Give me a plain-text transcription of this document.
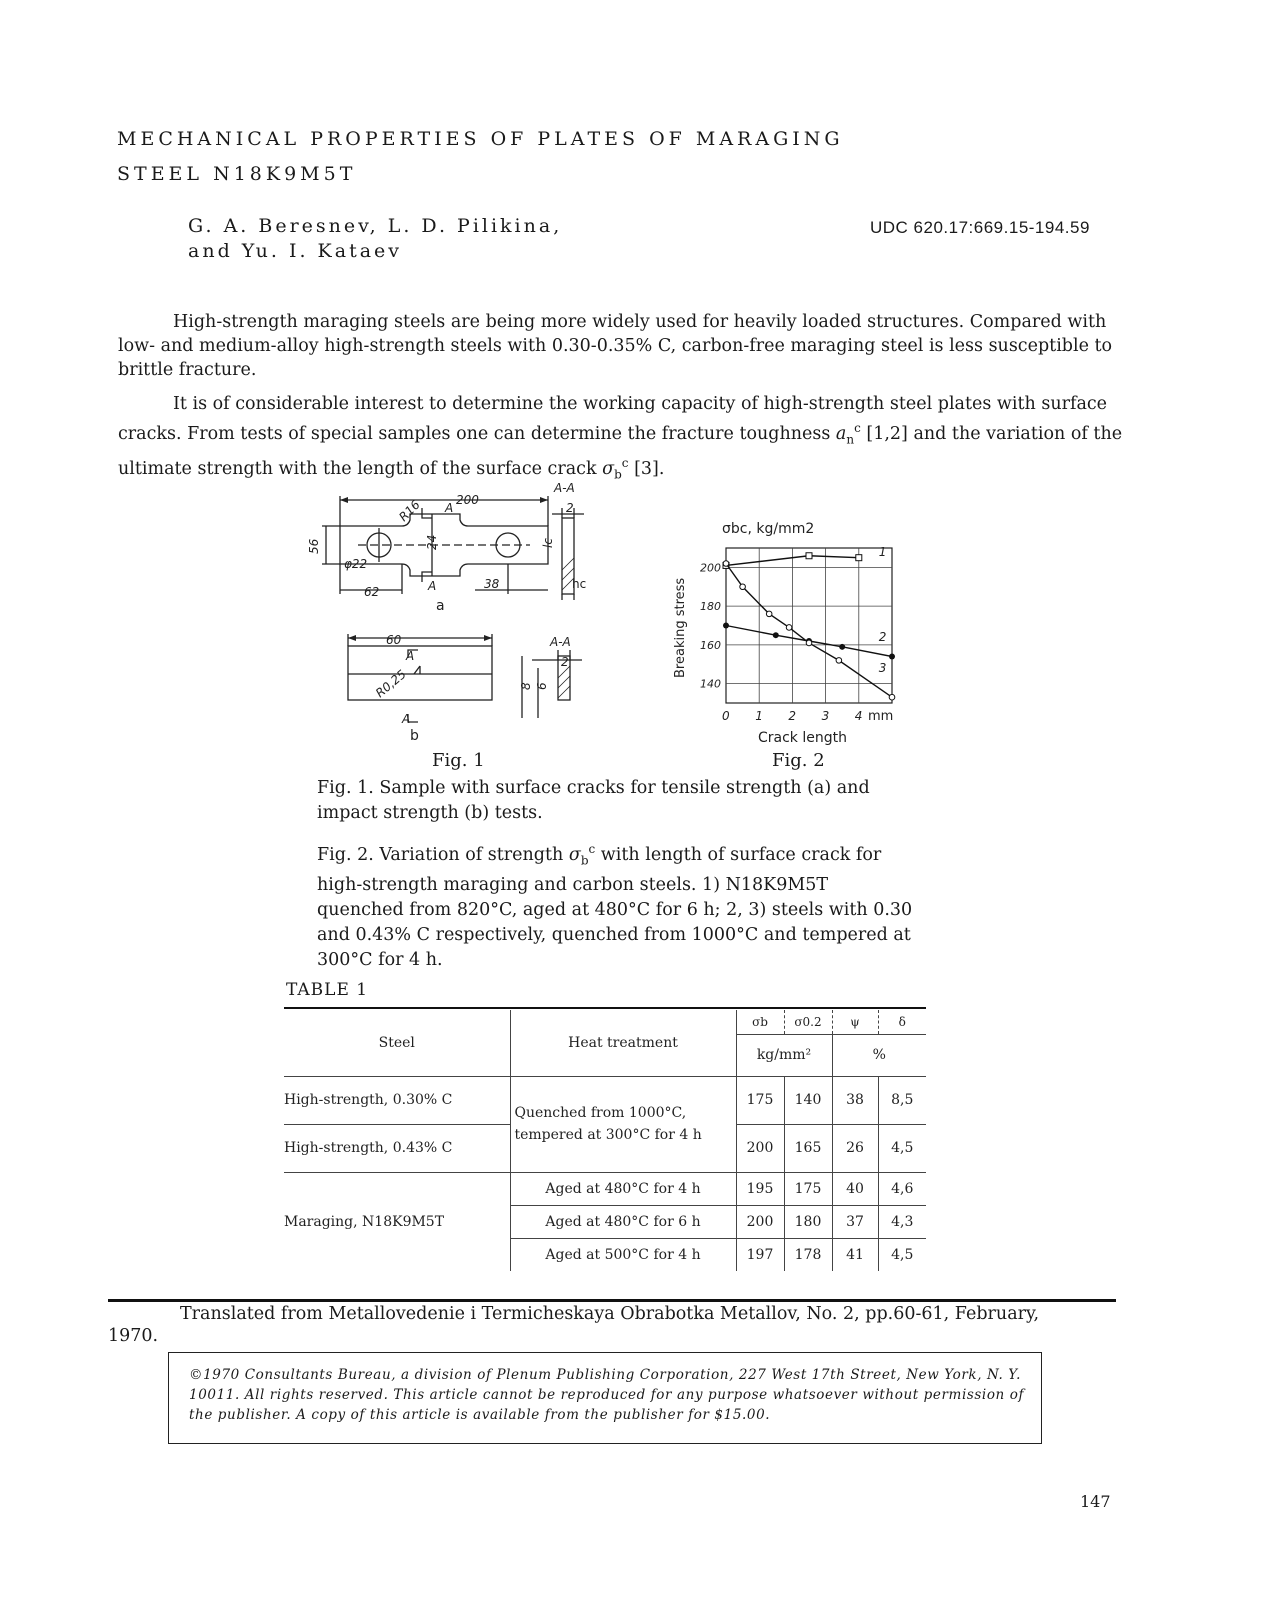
MECHANICAL PROPERTIES OF PLATES OF MARAGING
STEEL N18K9M5T
G. A. Beresnev, L. D. Pilikina,
and Yu. I. Kataev
UDC 620.17:669.15-194.59

High-strength maraging steels are being more widely used for heavily loaded structures. Compared with low- and medium-alloy high-strength steels with 0.30-0.35% C, carbon-free maraging steel is less susceptible to brittle fracture.

It is of considerable interest to determine the working capacity of high-strength steel plates with surface cracks. From tests of special samples one can determine the fracture toughness $a_n^c$ [1,2] and the variation of the ultimate strength with the length of the surface crack $\sigma_b^c$ [3].

200
R16
56
φ22
24
62
38
A-A
2
lc
hc
A
A
60
A
A
R0,25
A-A
2
8 6
a
b
1
2
3
0 1 2 3 4
200
180
160
140
σbc, kg/mm2
Breaking stress
Crack length
mm
Fig. 1	Fig. 2
Fig. 1. Sample with surface cracks for tensile strength (a) and impact strength (b) tests.
Fig. 2. Variation of strength $\sigma_b^c$ with length of surface crack for high-strength maraging and carbon steels. 1) N18K9M5T quenched from 820°C, aged at 480°C for 6 h; 2, 3) steels with 0.30 and 0.43% C respectively, quenched from 1000°C and tempered at 300°C for 4 h.
TABLE 1
Steel	Heat treatment	σb	σ0.2	ψ	δ
		kg/mm²		%	
High-strength, 0.30% C	Quenched from 1000°C, tempered at 300°C for 4 h	175	140	38	8,5
High-strength, 0.43% C		200	165	26	4,5
Maraging, N18K9M5T	Aged at 480°C for 4 h	195	175	40	4,6
	Aged at 480°C for 6 h	200	180	37	4,3
	Aged at 500°C for 4 h	197	178	41	4,5
Translated from Metallovedenie i Termicheskaya Obrabotka Metallov, No. 2, pp.60-61, February,
1970.
©1970 Consultants Bureau, a division of Plenum Publishing Corporation, 227 West 17th Street, New York, N. Y. 10011. All rights reserved. This article cannot be reproduced for any purpose whatsoever without permission of the publisher. A copy of this article is available from the publisher for $15.00.
147
